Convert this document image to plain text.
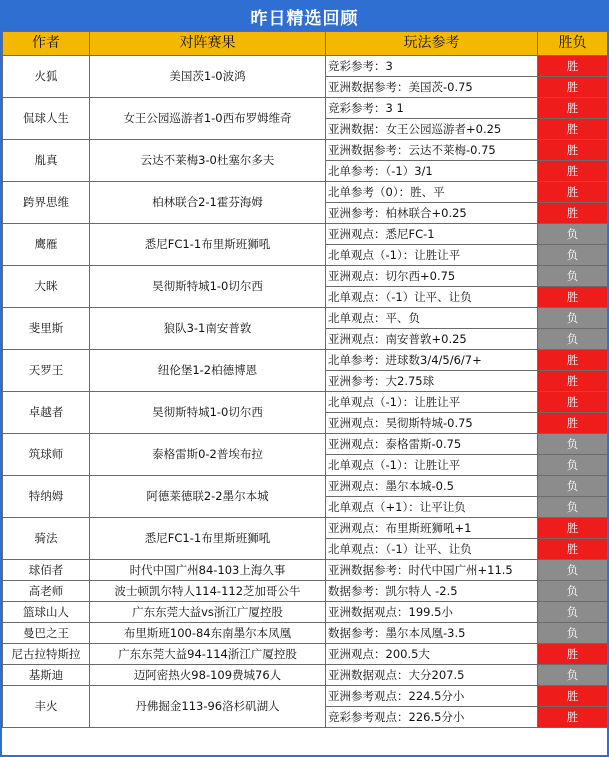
昨日精选回顾
作者	对阵赛果	玩法参考	胜负
火狐	美国茨1-0波鸿	竞彩参考：3	胜
		亚洲数据参考：美国茨-0.75	胜
侃球人生	女王公园巡游者1-0西布罗姆维奇	竞彩参考：3 1	胜
		亚洲数据：女王公园巡游者+0.25	胜
胤真	云达不莱梅3-0杜塞尔多夫	亚洲数据参考：云达不莱梅-0.75	胜
		北单参考：（-1）3/1	胜
跨界思维	柏林联合2-1霍芬海姆	北单参考（0）：胜、平	胜
		亚洲参考：柏林联合+0.25	胜
鹰雁	悉尼FC1-1布里斯班狮吼	亚洲观点：悉尼FC-1	负
		北单观点（-1）：让胜让平	负
大眯	昊彻斯特城1-0切尔西	亚洲观点：切尔西+0.75	负
		北单观点：（-1）让平、让负	胜
斐里斯	狼队3-1南安普敦	北单观点：平、负	负
		亚洲观点：南安普敦+0.25	负
天罗王	纽伦堡1-2柏德博恩	北单参考：进球数3/4/5/6/7+	胜
		亚洲参考：大2.75球	胜
卓越者	昊彻斯特城1-0切尔西	北单观点（-1）：让胜让平	胜
		亚洲观点：昊彻斯特城-0.75	胜
筑球师	泰格雷斯0-2普埃布拉	亚洲观点：泰格雷斯-0.75	负
		北单观点（-1）：让胜让平	负
特纳姆	阿德莱德联2-2墨尔本城	亚洲观点：墨尔本城-0.5	负
		北单观点（+1）：让平让负	负
骑法	悉尼FC1-1布里斯班狮吼	亚洲观点：布里斯班狮吼+1	胜
		北单观点：（-1）让平、让负	胜
球佰者	时代中国广州84-103上海久事	亚洲数据参考：时代中国广州+11.5	负
高老师	波士顿凯尔特人114-112芝加哥公牛	数据参考：凯尔特人 -2.5	负
篮球山人	广东东莞大益vs浙江广厦控股	亚洲数据观点：199.5小	负
曼巴之王	布里斯班100-84东南墨尔本凤凰	数据参考：墨尔本凤凰-3.5	负
尼古拉特斯拉	广东东莞大益94-114浙江广厦控股	亚洲观点：200.5大	胜
基斯迪	迈阿密热火98-109费城76人	亚洲数据观点：大分207.5	负
丰火	丹佛掘金113-96洛杉矶湖人	亚洲参考观点：224.5分小	胜
		竞彩参考观点：226.5分小	胜
